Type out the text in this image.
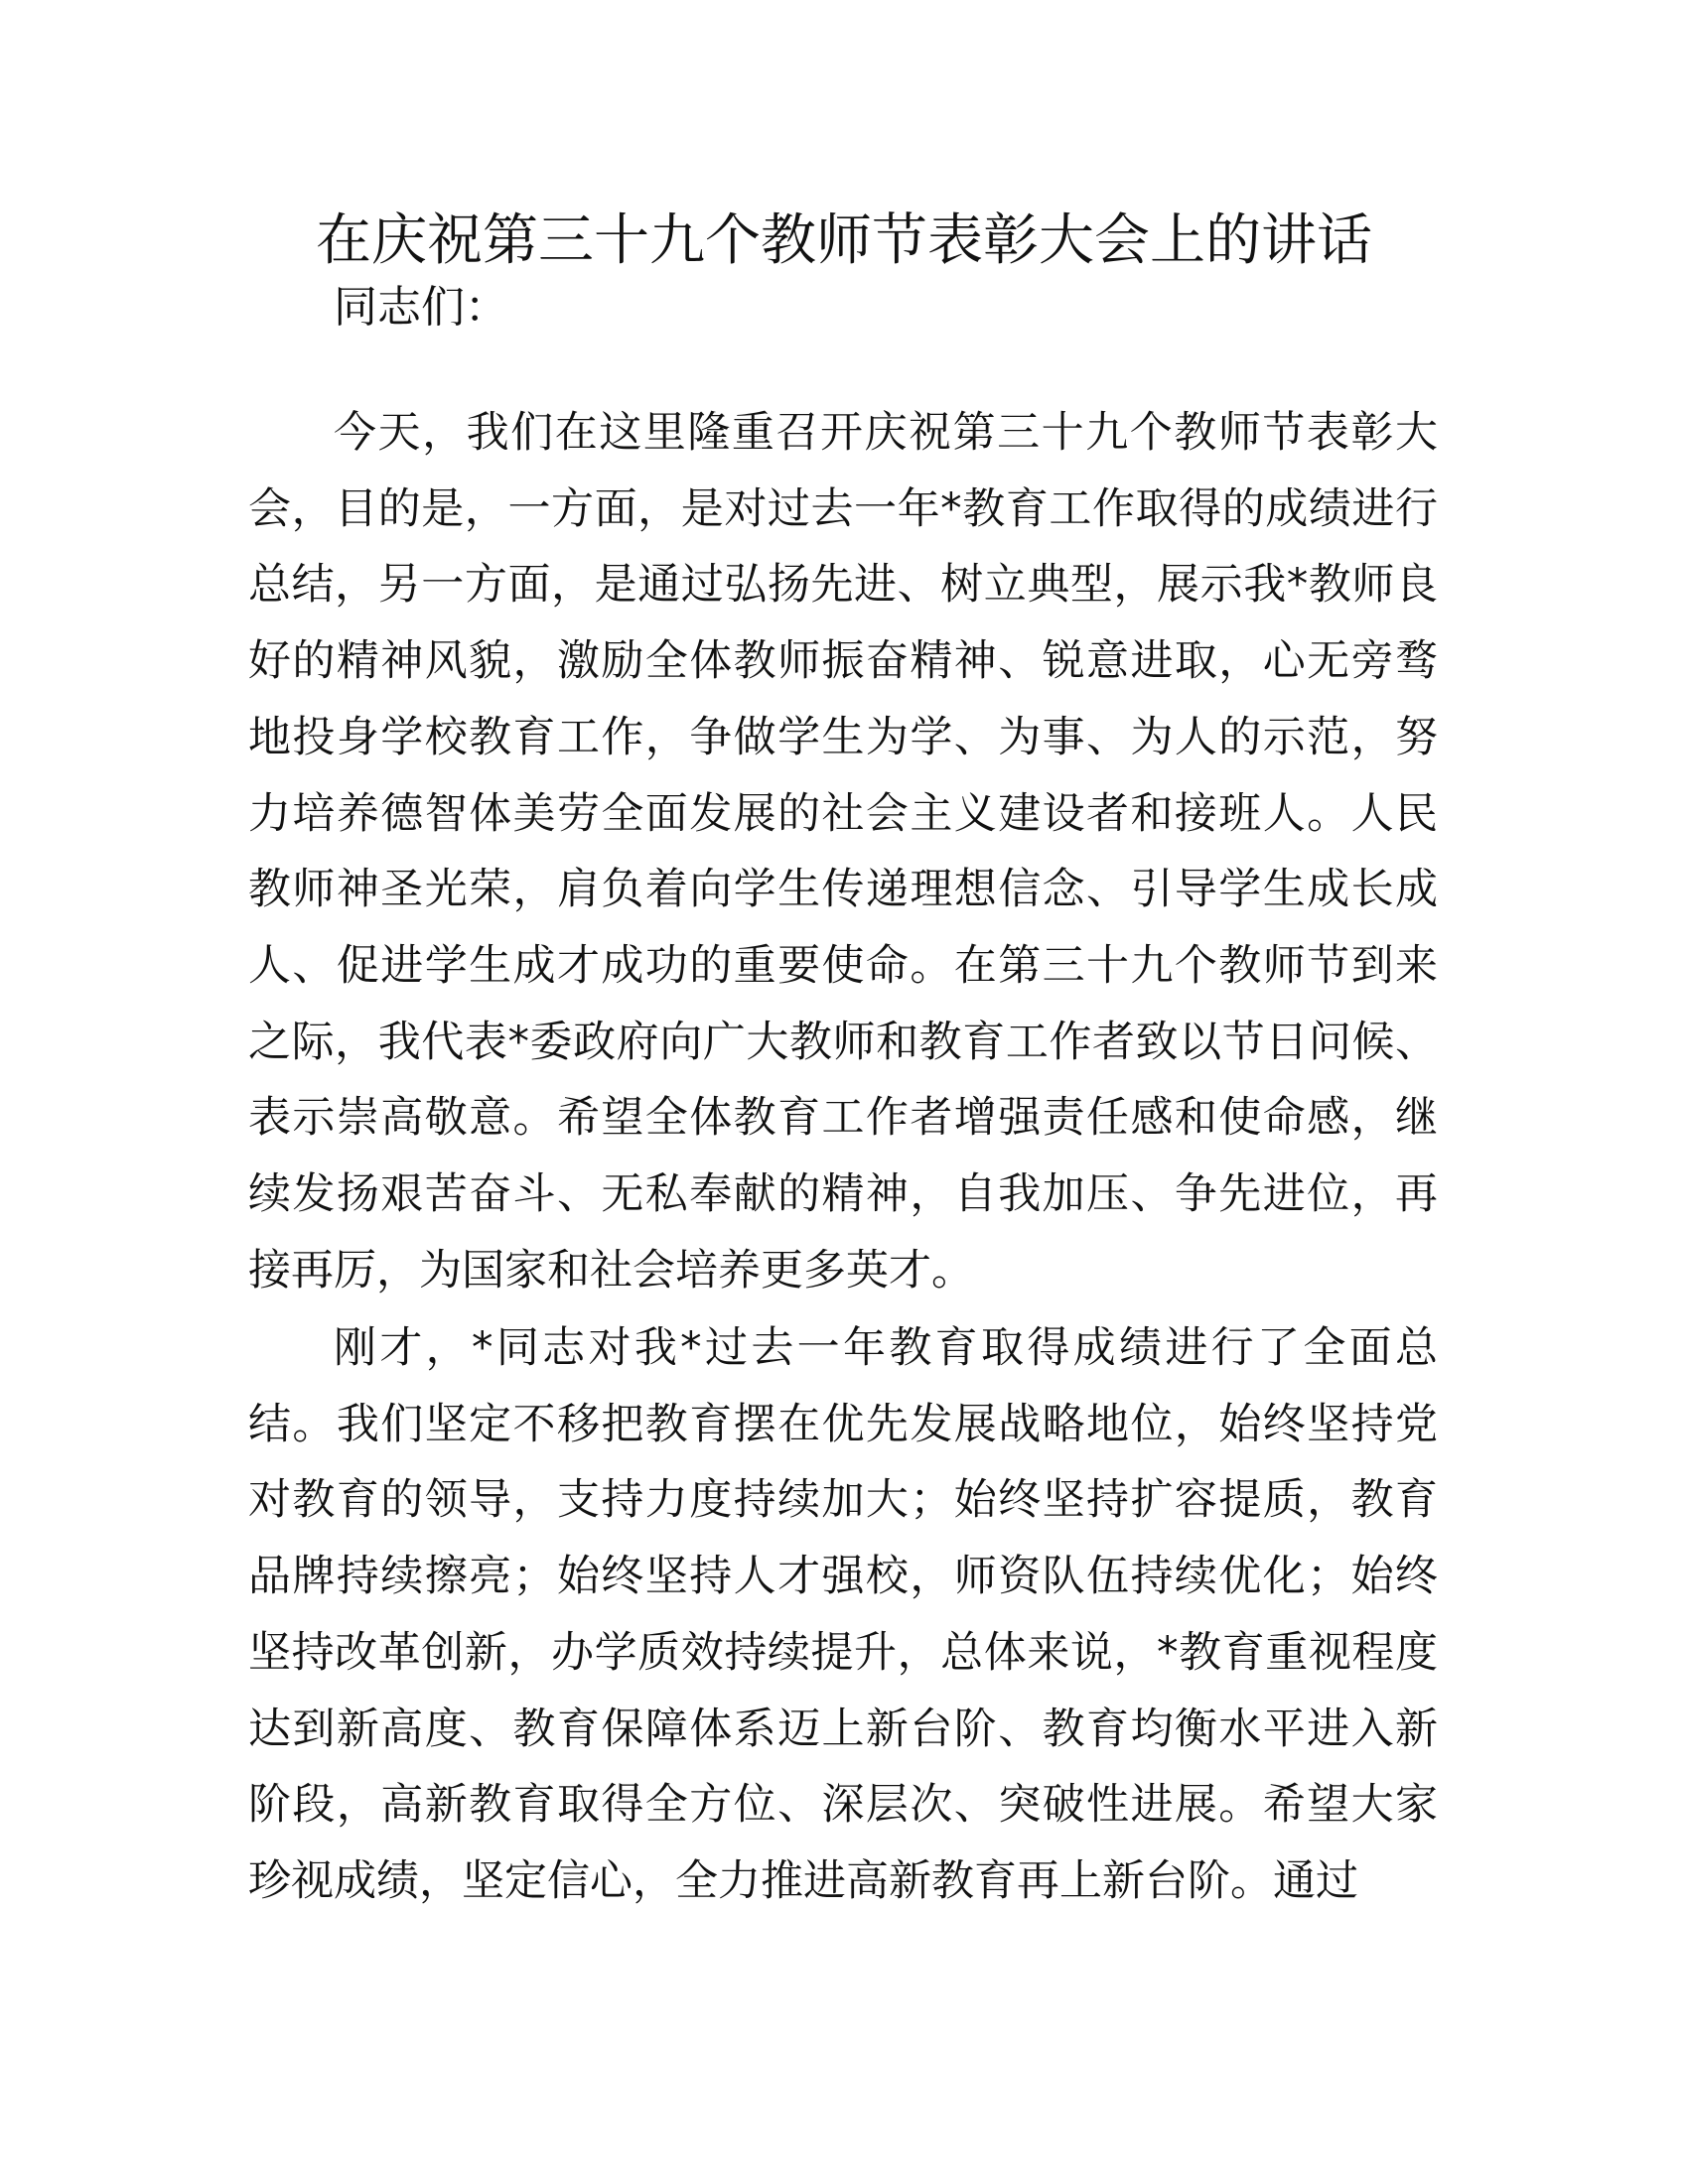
在庆祝第三十九个教师节表彰大会上的讲话

同志们：

今天，我们在这里隆重召开庆祝第三十九个教师节表彰大会，目的是，一方面，是对过去一年*教育工作取得的成绩进行总结，另一方面，是通过弘扬先进、树立典型，展示我*教师良好的精神风貌，激励全体教师振奋精神、锐意进取，心无旁骛地投身学校教育工作，争做学生为学、为事、为人的示范，努力培养德智体美劳全面发展的社会主义建设者和接班人。人民教师神圣光荣，肩负着向学生传递理想信念、引导学生成长成人、促进学生成才成功的重要使命。在第三十九个教师节到来之际，我代表*委政府向广大教师和教育工作者致以节日问候、表示崇高敬意。希望全体教育工作者增强责任感和使命感，继续发扬艰苦奋斗、无私奉献的精神，自我加压、争先进位，再接再厉，为国家和社会培养更多英才。

刚才，*同志对我*过去一年教育取得成绩进行了全面总结。我们坚定不移把教育摆在优先发展战略地位，始终坚持党对教育的领导，支持力度持续加大；始终坚持扩容提质，教育品牌持续擦亮；始终坚持人才强校，师资队伍持续优化；始终坚持改革创新，办学质效持续提升，总体来说，*教育重视程度达到新高度、教育保障体系迈上新台阶、教育均衡水平进入新阶段，高新教育取得全方位、深层次、突破性进展。希望大家珍视成绩，坚定信心，全力推进高新教育再上新台阶。通过
